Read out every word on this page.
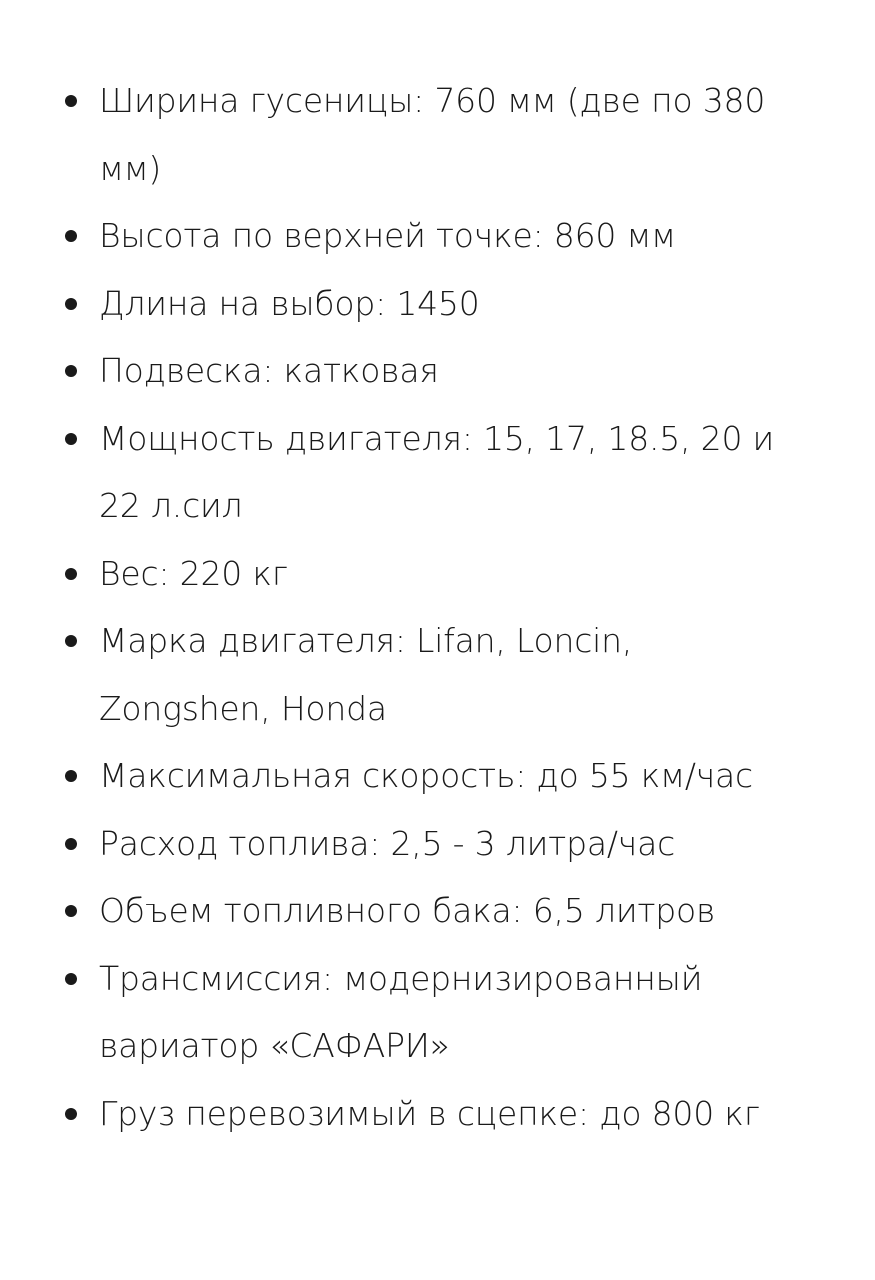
Ширина гусеницы: 760 мм (две по 380
мм)
Высота по верхней точке: 860 мм
Длина на выбор: 1450
Подвеска: катковая
Мощность двигателя: 15, 17, 18.5, 20 и
22 л.сил
Вес: 220 кг
Марка двигателя: Lifan, Loncin,
Zongshen, Honda
Максимальная скорость: до 55 км/час
Расход топлива: 2,5 - 3 литра/час
Объем топливного бака: 6,5 литров
Трансмиссия: модернизированный
вариатор «САФАРИ»
Груз перевозимый в сцепке: до 800 кг
